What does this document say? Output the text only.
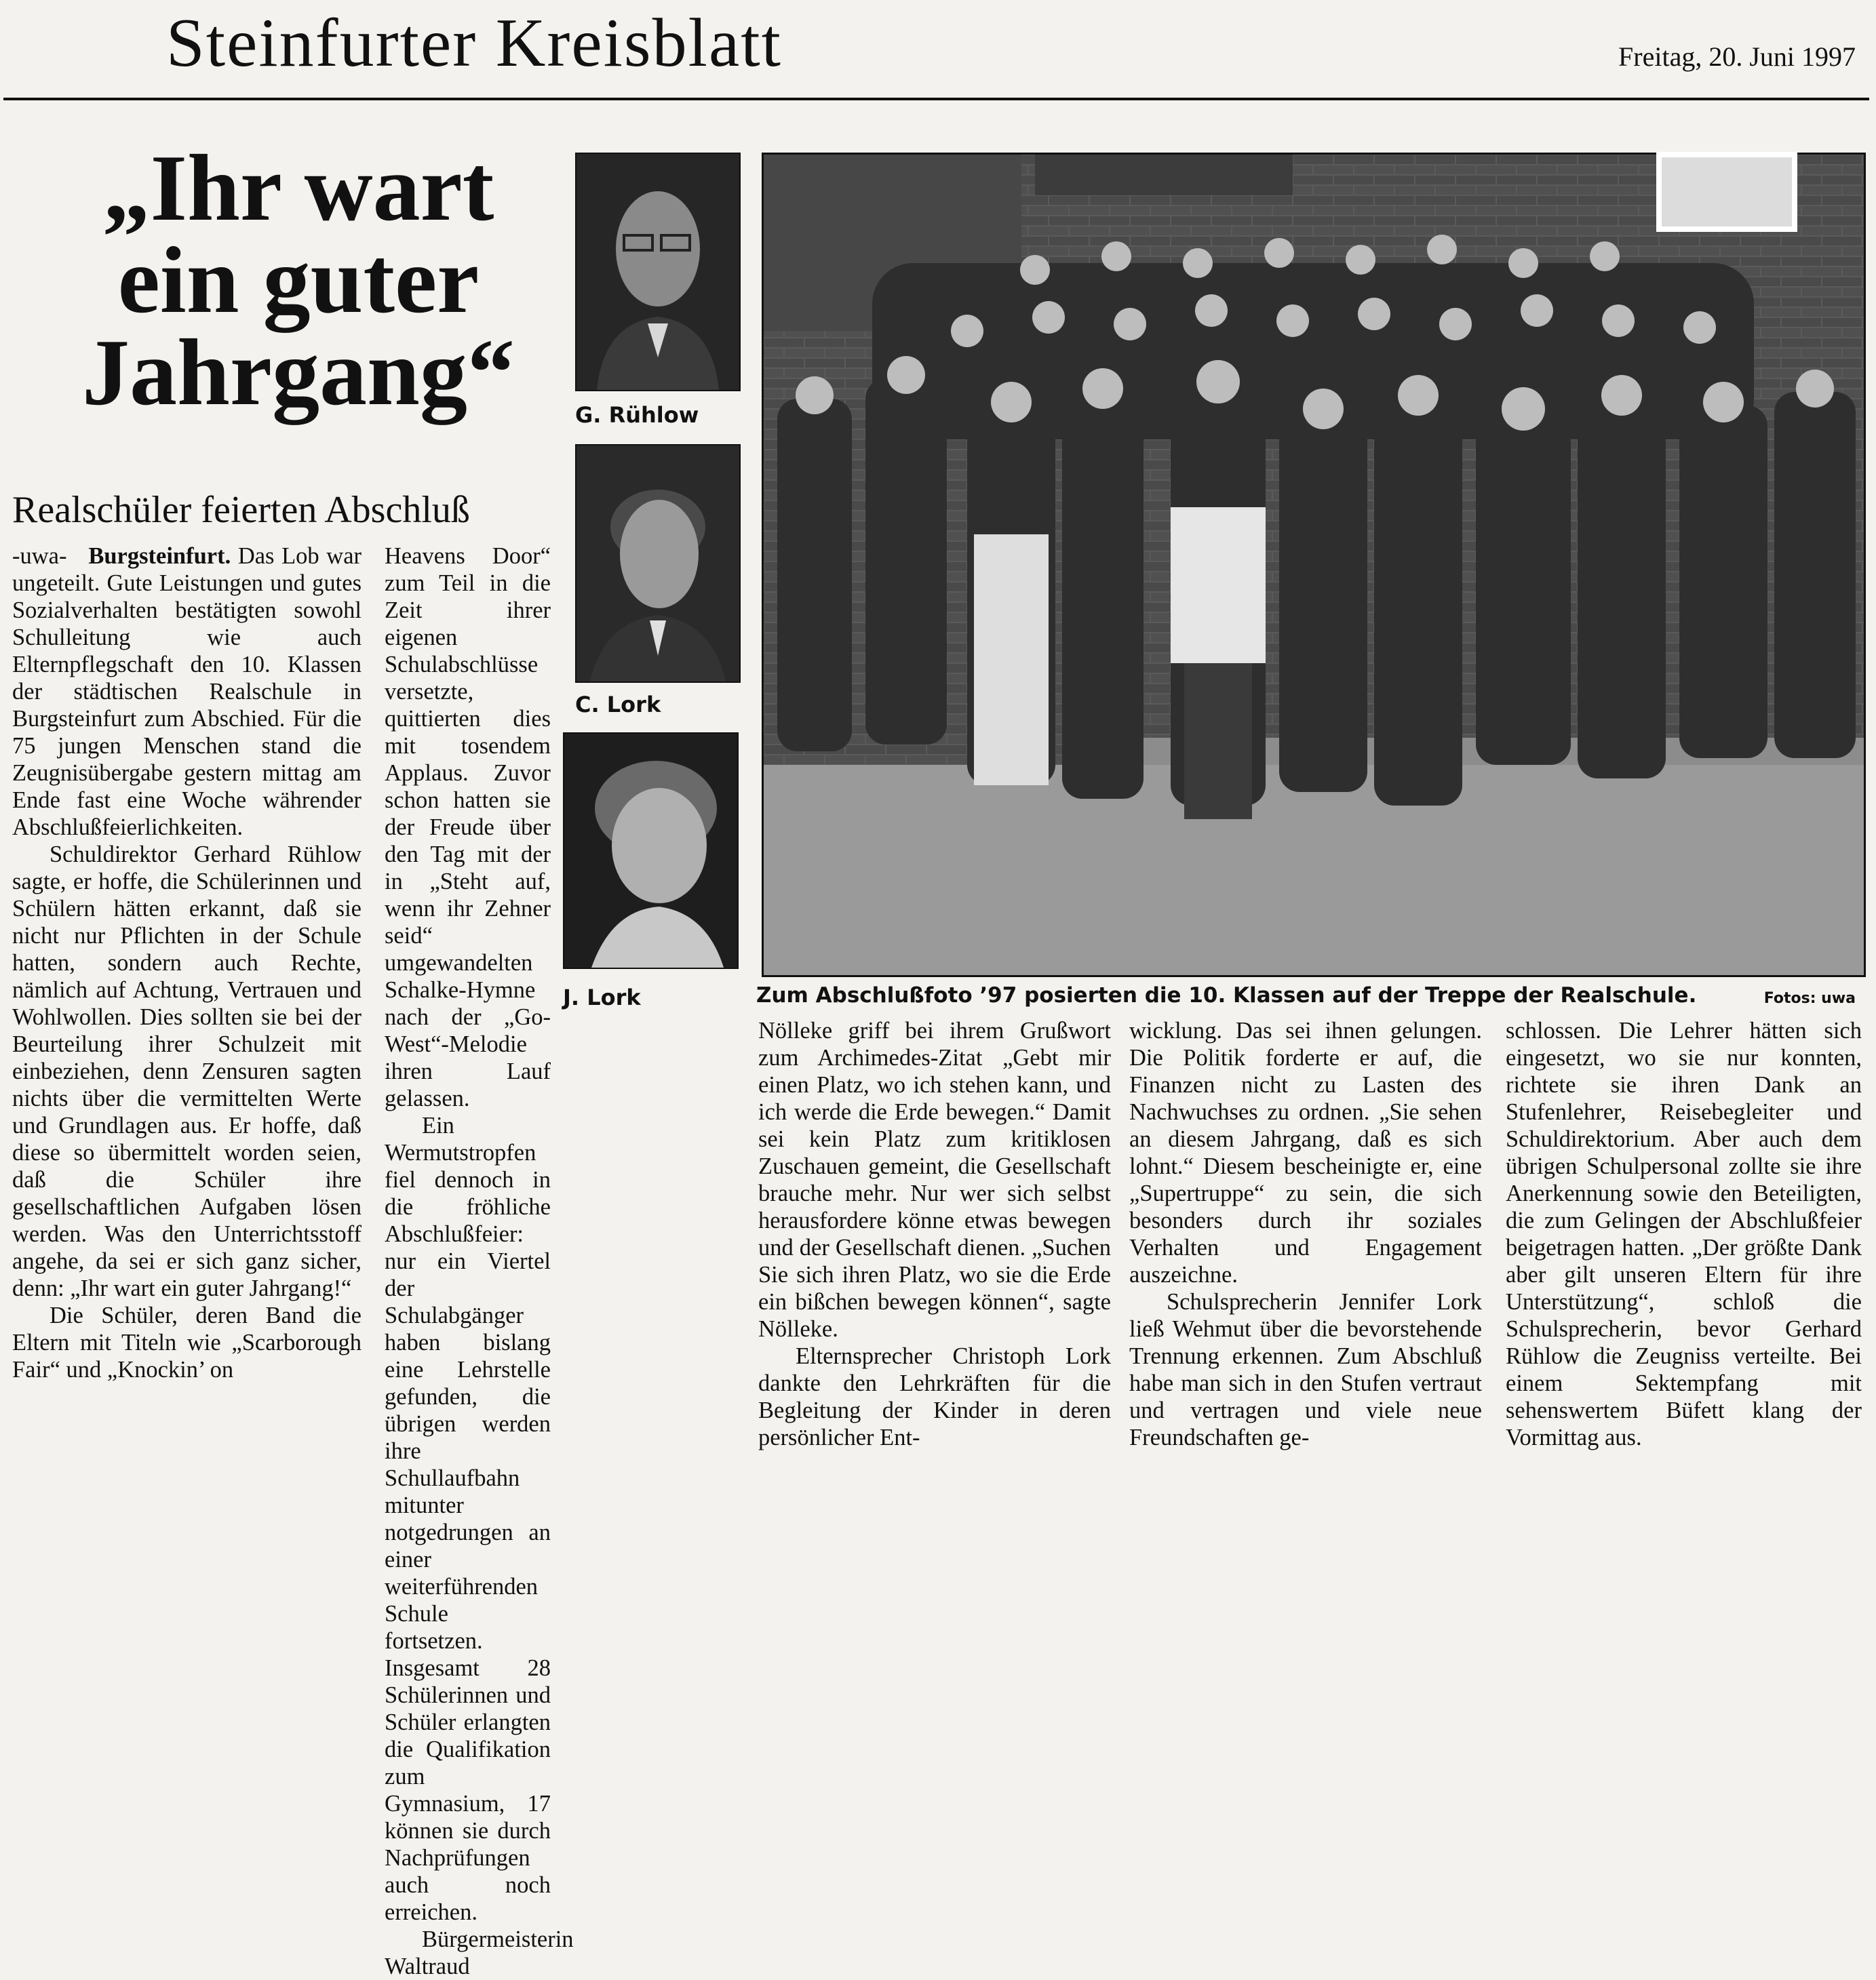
Steinfurter Kreisblatt	Freitag, 20. Juni 1997
„Ihr wart
ein guter
Jahrgang“
Realschüler feierten Abschluß

-uwa- Burgsteinfurt. Das Lob war ungeteilt. Gute Leistungen und gutes Sozialverhalten bestätigten sowohl Schulleitung wie auch Elternpflegschaft den 10. Klassen der städtischen Realschule in Burgsteinfurt zum Abschied. Für die 75 jungen Menschen stand die Zeugnisübergabe gestern mittag am Ende fast eine Woche währender Abschlußfeierlichkeiten.

Schuldirektor Gerhard Rühlow sagte, er hoffe, die Schülerinnen und Schülern hätten erkannt, daß sie nicht nur Pflichten in der Schule hatten, sondern auch Rechte, nämlich auf Achtung, Vertrauen und Wohlwollen. Dies sollten sie bei der Beurteilung ihrer Schulzeit mit einbeziehen, denn Zensuren sagten nichts über die vermittelten Werte und Grundlagen aus. Er hoffe, daß diese so übermittelt worden seien, daß die Schüler ihre gesellschaftlichen Aufgaben lösen werden. Was den Unterrichtsstoff angehe, da sei er sich ganz sicher, denn: „Ihr wart ein guter Jahrgang!“

Die Schüler, deren Band die Eltern mit Titeln wie „Scarborough Fair“ und „Knockin’ on

Heavens Door“ zum Teil in die Zeit ihrer eigenen Schulabschlüsse versetzte, quittierten dies mit tosendem Applaus. Zuvor schon hatten sie der Freude über den Tag mit der in „Steht auf, wenn ihr Zehner seid“ umgewandelten Schalke-Hymne nach der „Go-West“-Melodie ihren Lauf gelassen.

Ein Wermutstropfen fiel dennoch in die fröhliche Abschlußfeier: nur ein Viertel der Schulabgänger haben bislang eine Lehrstelle gefunden, die übrigen werden ihre Schullaufbahn mitunter notgedrungen an einer weiterführenden Schule fortsetzen. Insgesamt 28 Schülerinnen und Schüler erlangten die Qualifikation zum Gymnasium, 17 können sie durch Nachprüfungen auch noch erreichen.

Bürgermeisterin Waltraud

G. Rühlow
C. Lork
J. Lork	Zum Abschlußfoto ’97 posierten die 10. Klassen auf der Treppe der Realschule.	Fotos: uwa

Nölleke griff bei ihrem Grußwort zum Archimedes-Zitat „Gebt mir einen Platz, wo ich stehen kann, und ich werde die Erde bewegen.“ Damit sei kein Platz zum kritiklosen Zuschauen gemeint, die Gesellschaft brauche mehr. Nur wer sich selbst herausfordere könne etwas bewegen und der Gesellschaft dienen. „Suchen Sie sich ihren Platz, wo sie die Erde ein bißchen bewegen können“, sagte Nölleke.

Elternsprecher Christoph Lork dankte den Lehrkräften für die Begleitung der Kinder in deren persönlicher Ent-

wicklung. Das sei ihnen gelungen. Die Politik forderte er auf, die Finanzen nicht zu Lasten des Nachwuchses zu ordnen. „Sie sehen an diesem Jahrgang, daß es sich lohnt.“ Diesem bescheinigte er, eine „Supertruppe“ zu sein, die sich besonders durch ihr soziales Verhalten und Engagement auszeichne.

Schulsprecherin Jennifer Lork ließ Wehmut über die bevorstehende Trennung erkennen. Zum Abschluß habe man sich in den Stufen vertraut und vertragen und viele neue Freundschaften ge-

schlossen. Die Lehrer hätten sich eingesetzt, wo sie nur konnten, richtete sie ihren Dank an Stufenlehrer, Reisebegleiter und Schuldirektorium. Aber auch dem übrigen Schulpersonal zollte sie ihre Anerkennung sowie den Beteiligten, die zum Gelingen der Abschlußfeier beigetragen hatten. „Der größte Dank aber gilt unseren Eltern für ihre Unterstützung“, schloß die Schulsprecherin, bevor Gerhard Rühlow die Zeugniss verteilte. Bei einem Sektempfang mit sehenswertem Büfett klang der Vormittag aus.
